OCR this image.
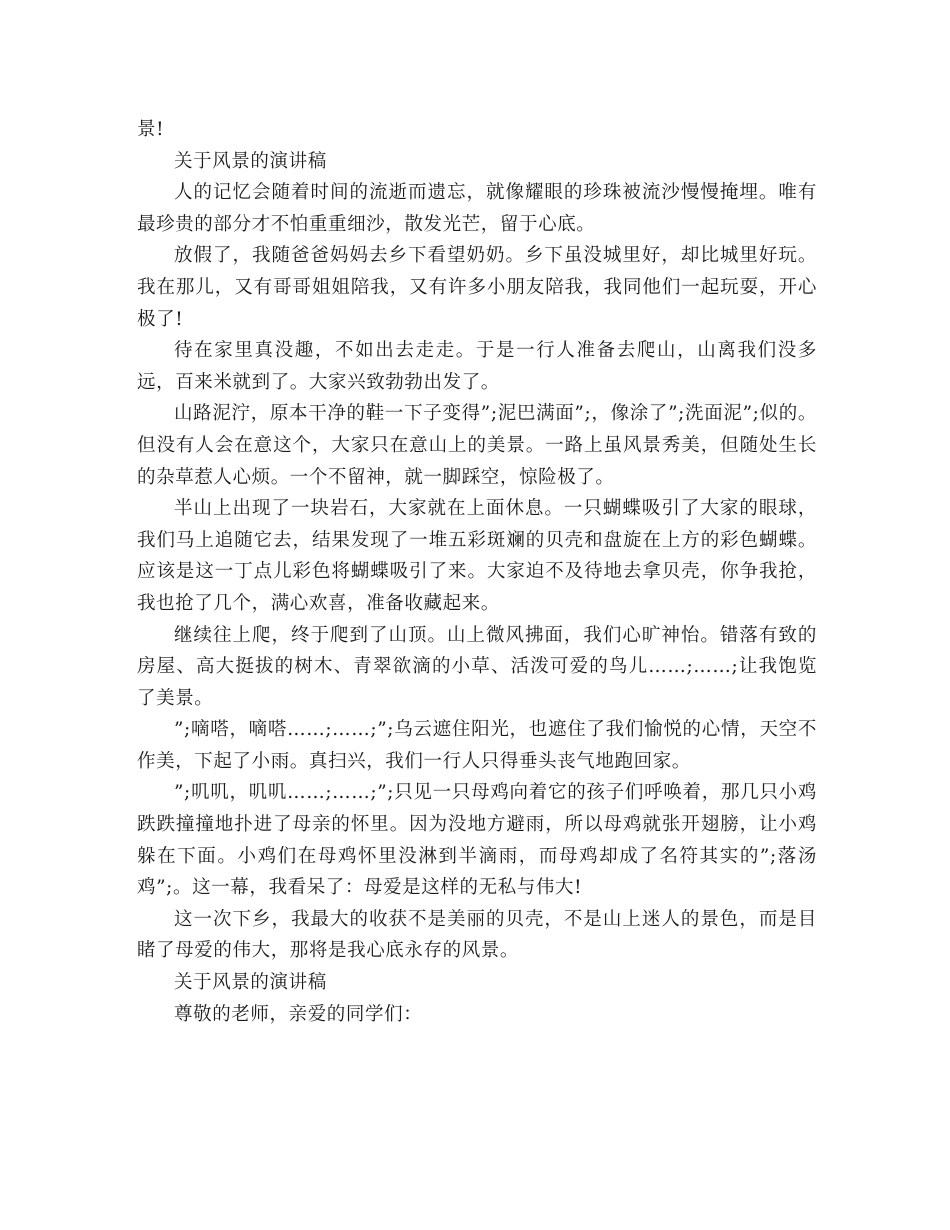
景!

关于风景的演讲稿

人的记忆会随着时间的流逝而遗忘，就像耀眼的珍珠被流沙慢慢掩埋。唯有最珍贵的部分才不怕重重细沙，散发光芒，留于心底。

放假了，我随爸爸妈妈去乡下看望奶奶。乡下虽没城里好，却比城里好玩。我在那儿，又有哥哥姐姐陪我，又有许多小朋友陪我，我同他们一起玩耍，开心极了!

待在家里真没趣，不如出去走走。于是一行人准备去爬山，山离我们没多远，百来米就到了。大家兴致勃勃出发了。

山路泥泞，原本干净的鞋一下子变得”;泥巴满面”;，像涂了”;洗面泥”;似的。但没有人会在意这个，大家只在意山上的美景。一路上虽风景秀美，但随处生长的杂草惹人心烦。一个不留神，就一脚踩空，惊险极了。

半山上出现了一块岩石，大家就在上面休息。一只蝴蝶吸引了大家的眼球，我们马上追随它去，结果发现了一堆五彩斑斓的贝壳和盘旋在上方的彩色蝴蝶。应该是这一丁点儿彩色将蝴蝶吸引了来。大家迫不及待地去拿贝壳，你争我抢，我也抢了几个，满心欢喜，准备收藏起来。

继续往上爬，终于爬到了山顶。山上微风拂面，我们心旷神怡。错落有致的房屋、高大挺拔的树木、青翠欲滴的小草、活泼可爱的鸟儿……;……;让我饱览了美景。

”;嘀嗒，嘀嗒……;……;”;乌云遮住阳光，也遮住了我们愉悦的心情，天空不作美，下起了小雨。真扫兴，我们一行人只得垂头丧气地跑回家。

”;叽叽，叽叽……;……;”;只见一只母鸡向着它的孩子们呼唤着，那几只小鸡跌跌撞撞地扑进了母亲的怀里。因为没地方避雨，所以母鸡就张开翅膀，让小鸡躲在下面。小鸡们在母鸡怀里没淋到半滴雨，而母鸡却成了名符其实的”;落汤鸡”;。这一幕，我看呆了：母爱是这样的无私与伟大!

这一次下乡，我最大的收获不是美丽的贝壳，不是山上迷人的景色，而是目睹了母爱的伟大，那将是我心底永存的风景。

关于风景的演讲稿

尊敬的老师，亲爱的同学们：
